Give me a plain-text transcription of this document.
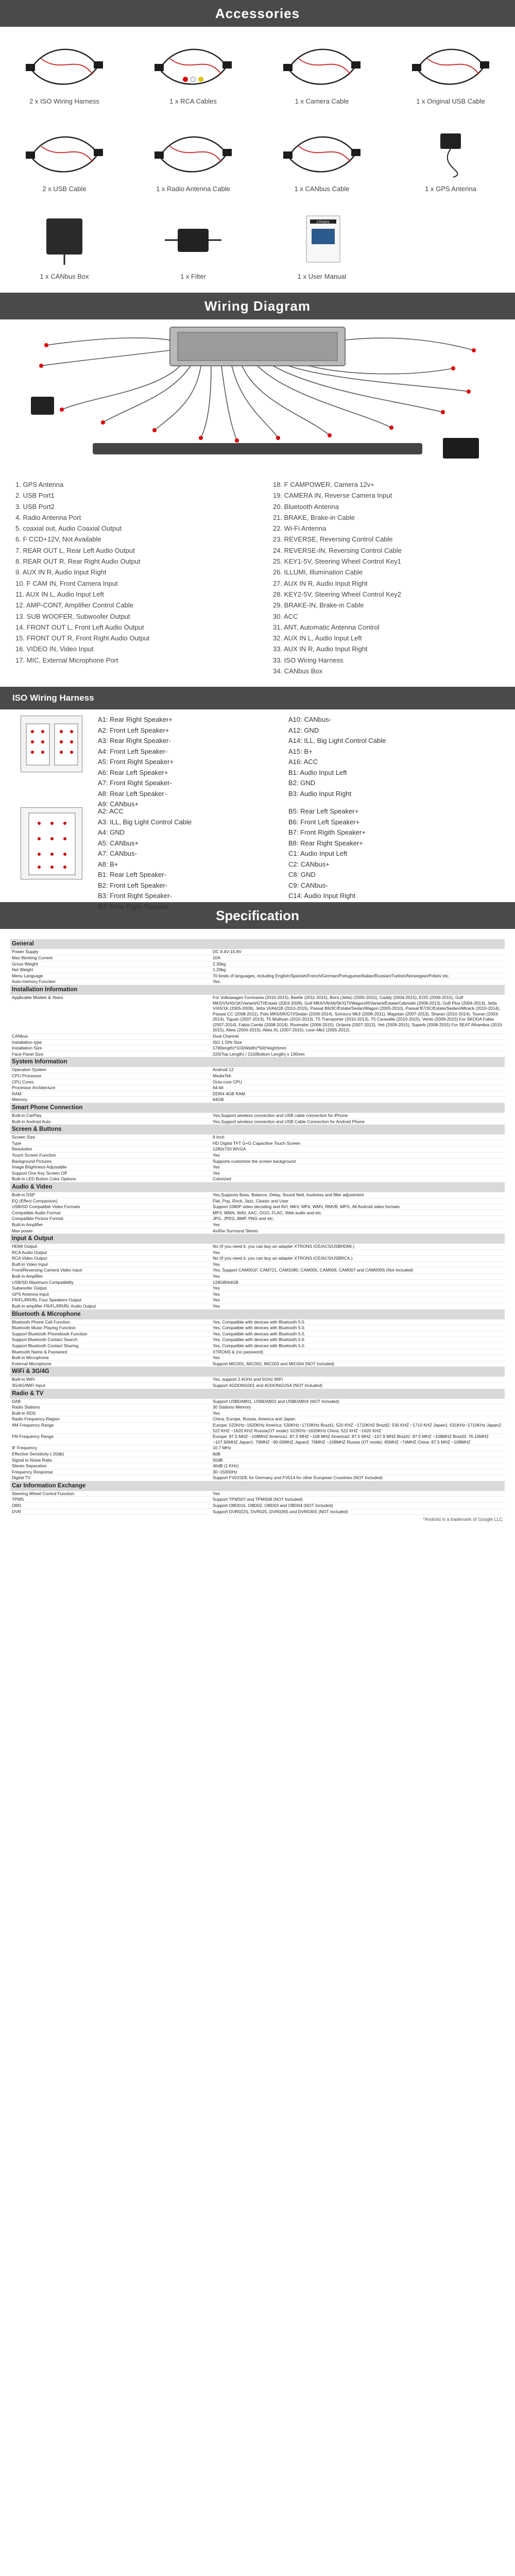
Accessories
2 x ISO Wiring Harness	1 x RCA Cables	1 x Camera Cable	1 x Original USB Cable
2 x USB Cable	1 x Radio Antenna Cable	1 x CANbus Cable	1 x GPS Antenna
1 x CANbus Box	1 x Filter
XTRONS
1 x User Manual
Wiring Diagram
1. GPS Antenna
2. USB Port1
3. USB Port2
4. Radio Antenna Port
5. coaxial out, Audio Coaxial Output
6. F CCD+12V, Not Available
7. REAR OUT L, Rear Left Audio Output
8. REAR OUT R, Rear Right Audio Output
9. AUX IN R, Audio Input Right
10. F CAM IN, Front Camera Input
11. AUX IN L, Audio Input Left
12. AMP-CONT, Amplifier Control Cable
13. SUB WOOFER, Subwoofer Output
14. FRONT OUT L, Front Left Audio Output
15. FRONT OUT R, Front Right Audio Output
16. VIDEO IN, Video Input
17. MIC, External Microphone Port
18. F CAMPOWER, Camera 12v+
19. CAMERA IN, Reverse Camera Input
20. Bluetooth Antenna
21. BRAKE, Brake-in Cable
22. Wi-Fi Antenna
23. REVERSE, Reversing Control Cable
24. REVERSE-IN, Reversing Control Cable
25. KEY1-5V, Steering Wheel Control Key1
26. ILLUMI, Illumination Cable
27. AUX IN R, Audio Input Right
28. KEY2-5V, Steering Wheel Control Key2
29. BRAKE-IN, Brake-in Cable
30. ACC
31. ANT, Automatic Antenna Control
32. AUX IN L, Audio Input Left
33. AUX IN R, Audio Input Right
33. ISO Wiring Harness
34. CANbus Box
ISO Wiring Harness
A1: Rear Right Speaker+
A2: Front Left Speaker+
A3: Rear Right Speaker-
A4: Front Left Speaker-
A5: Front Right Speaker+
A6: Rear Left Speaker+
A7: Front Right Speaker-
A8: Rear Left Speaker-
A9: CANbus+
A10: CANbus-
A12: GND
A14: ILL, Big Light Control Cable
A15: B+
A16: ACC
B1: Audio Input Left
B2: GND
B3: Audio Input Right
A2: ACC
A3: ILL, Big Light Control Cable
A4: GND
A5: CANbus+
A7: CANbus-
A8: B+
B1: Rear Left Speaker-
B2: Front Left Speaker-
B3: Front Right Speaker-
B4: Rear Right Speaker-
B5: Rear Left Speaker+
B6: Front Left Speaker+
B7: Front Rigith Speaker+
B8: Rear Right Speaker+
C1: Audio Input Left
C2: CANbus+
C8: GND
C9: CANbus-
C14: Audio Input Right
Specification
General	
Power Supply	DC 9.4V-15.8V
Max Working Current	10A
Gross Weight	2.30kg
Net Weight	1.20kg
Menu Language	70 kinds of languages, including English/Spanish/French/German/Portuguese/Italian/Russian/Turkish/Norwegian/Polish/ etc.
Auto-memory Function	Yes
Installation Information	
Applicable Models & Years	For Volkswagen Fonmania (2010-2015), Beetle (2011-2015), Bora (Jetta) (2005-2015), Caddy (2004-2015), EOS (2006-2015), Golf MK5/V5/A5/1K/Variant/GTI/Estate (2003-2009), Golf MK6/V6/A6/5K/GTI/Wagon/R/Variant/Estate/Cabriolet (2008-2013), Golf Plus (2004-2013), Jetta V/A5/1K (2005-2009), Jetta VI/A6/1B (2010-2015), Passat B6/3C/Estate/Sedan/Wagon (2005-2010), Passat B7/3C/Estate/Sedan/Alltrack (2010-2014), Passat CC (2008-2011), Polo MK5/5R/GTI/Sedan (2009-2014), Scirocco Mk3 (2008-2011), Magotan (2007-2013), Sharan (2010-2014), Touran (2003-2014), Tiguan (2007-2013), T5 Multivan (2010-2013), T5 Transporter (2010-2013), T5 Caravelle (2010-2015), Vento (2009-2015) For SKODA Fabia (2007-2014), Fabia Combi (2008-2014), Roomster (2006-2015), Octavia (2007-2012), Yeti (2009-2015), Superb (2008-2015) For SEAT Alhambra (2010-2015), Altea (2004-2015), Altea XL (2007-2015), Leon Mk2 (2005-2012)
CANbus	Dual Channel
Installation type	ISO 1 DIN Size
Installation Size	178(length)*103(Width)*50(Height)mm
Face Panel Size	220(Top Length) / 210(Bottom Length) x 130mm
System Information	
Operation System	Android 12
CPU Processor	MediaTek
CPU Cores	Octa-core CPU
Processor Architecture	64-bit
RAM	DDR4 4GB RAM
Memory	64GB
Smart Phone Connection	
Built-in CarPlay	Yes,Support wireless connection and USB cable connection for iPhone
Built-in Android Auto	Yes,Support wireless connection and USB Cable Connection for Android Phone
Screen & Buttons	
Screen Size	9 Inch
Type	HD Digital TFT G+G Capacitive Touch Screen
Resolution	1280x720 WVGA
Touch Screen Function	Yes
Background Pictures	Supports customize the screen background
Image Brightness Adjustable	Yes
Support One Key Screen Off	Yes
Built-in LED Button Color Options	Colorized
Audio & Video	
Built-in DSP	Yes,Supports Bass, Balance, Delay, Sound field, loudness and filter adjustment
EQ (Effect Comparison)	Flat, Pop, Rock, Jazz, Classic and User
USB/SD Compatible Video Formats	Support 1080P video decoding and AVI, MKV, MP4, WMV, RMVB, MPG, All Android video formats
Compatible Audio Format	MP3, WMA, WAV, AAC, OGG, FLAC, Web audio and etc.
Compatible Picture Format	JPG, JPEG, BMP, PNG and etc.
Built-in Amplifier	Yes
Max power	4x45w Surround Stereo
Input & Output	
HDMI Output	No (If you need it, you can buy an adapter XTRONS ICE/ACS/USBHDMI.)
RCA Audio Output	Yes
RCA Video Output	No (If you need it, you can buy an adapter XTRONS ICE/ACS/USBRCA.)
Built-in Video Input	Yes
Front/Reversing Camera Video Input	Yes, Support CAM001F, CAM721, CAM1080, CAM005, CAM006, CAM007 and CAM009S (Not Included)
Built-in Amplifier	Yes
USB/SD Maximum Compatibility	128GB/64GB
Subwoofer Output	Yes
GPS Antenna Input	Yes
FR/FL/RR/RL Four Speakers Output	Yes
Built-in amplifier FR/FL/RR/RL Audio Output	Yes
Bluetooth & Microphone	
Bluetooth Phone Call Function	Yes, Compatible with devices with Bluetooth 5.0.
Bluetooth Music Playing Function	Yes, Compatible with devices with Bluetooth 5.0.
Support Bluetooth Phonebook Function	Yes, Compatible with devices with Bluetooth 5.0.
Support Bluetooth Contact Search	Yes, Compatible with devices with Bluetooth 5.0.
Support Bluetooth Contact Sharing	Yes, Compatible with devices with Bluetooth 5.0.
Bluetooth Name & Password	XTRONS & (no password)
Built-in Microphone	Yes
External Microphone	Support MIC001, MIC002, MIC003 and MIC004 (NOT Included)
WiFi & 3G/4G	
Built-in WiFi	Yes, support 2.4GHz and 5GHz WiFi
3G/4G/WiFi Input	Support 4GDONG001 and 4GDONGUSA (NOT Included)
Radio & TV	
DAB	Support USBDAB01, USBDAB02 and USBDAB04 (NOT Included)
Radio Stations	30 Stations Memory
Built-In RDS	Yes
Radio Frequency Region	China, Europe, Russia, America and Japan
AM Frequency Range	Europe: 522KHz~1620KHz America: 530KHz~1710KHz Brazil1: 520 KHZ ~1710KHZ Brazil2: 530 KHZ ~1710 KHZ Japan1: 531KHz~1710KHz Japan2: 522 KHZ ~1620 KHZ Russia(OT mode): 522KHz~1620KHz China: 522 KHZ ~1620 KHZ
FM Frequency Range	Europe: 87.5 MHZ ~108MHZ America1: 87.5 MHZ ~108 MHZ America2: 87.5 MHZ ~107.9 MHZ Brazil1: 87.5 MHZ ~108MHZ Brazil2: 76.10MHZ ~107.90MHZ Japan1: 76MHZ ~90.00MHZ Japan2: 76MHZ ~108MHZ Russia (OT mode): 65MHZ ~74MHZ China: 87.5 MHZ ~108MHZ
IF Frequency	10.7 MHz
Effective Sensitivity (-20db)	8dB
Signal to Noise Ratio	50dB
Stereo Separation	40dB (1 KHz)
Frequency Response	30~15000Hz
Digital TV	Support FV015DE for Germany and FV014 for other European Countries (NOT Included)
Car Information Exchange	
Steering Wheel Control Function	Yes
TPMS	Support TPMS07 and TPMS08 (NOT Included)
OBD	Support OBD015, OBD02, OBD03 and OBD04 (NOT Included)
DVR	Support DVR022S, DVR025, DVR026S and DVR030S (NOT Included)
*Android is a trademark of Google LLC
